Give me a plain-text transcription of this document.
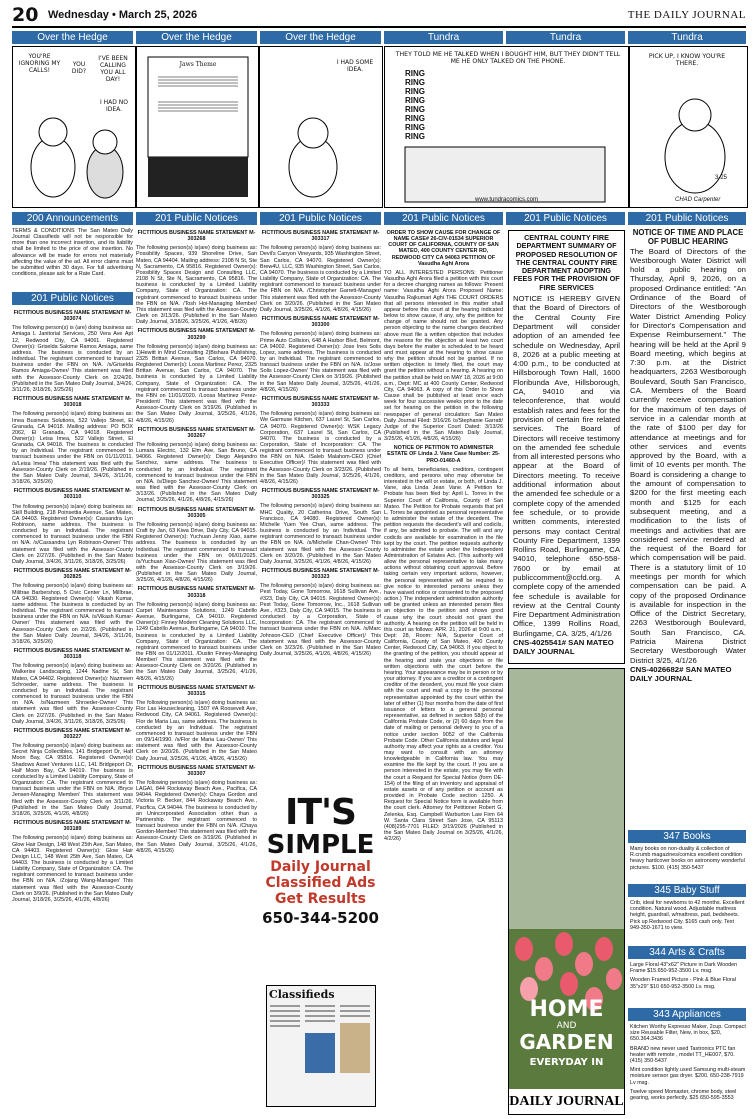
20 Wednesday • March 25, 2026	THE DAILY JOURNAL
Over the Hedge	Over the Hedge	Over the Hedge	Tundra	Tundra	Tundra
YOU'RE IGNORING MY CALLS!
YOU DID?
I'VE BEEN CALLING YOU ALL DAY!
I HAD NO IDEA.
Jaws Theme	I HAD SOME IDEA.
THEY TOLD ME HE TALKED WHEN I BOUGHT HIM, BUT THEY DIDN'T TELL ME HE ONLY TALKED ON THE PHONE.
RING
RING
RING
RING
RING
RING
RING
RING
PICK UP, I KNOW YOU'RE THERE.
www.tundracomics.com
3-25
CHAD Carpenter
200 Announcements	201 Public Notices	201 Public Notices	201 Public Notices	201 Public Notices	201 Public Notices
TERMS & CONDITIONS The San Mateo Daily Journal Classifieds will not be responsible for more than one incorrect insertion, and its liability shall be limited to the price of one insertion. No allowance will be made for errors not materially affecting the value of the ad. All error claims must be submitted within 30 days. For full advertising conditions, please ask for a Rate Card.
201 Public Notices

FICTITIOUS BUSINESS NAME STATEMENT M-303074

The following person(s) is (are) doing business as: Amiaga L Janitorial Services, 250 Vera Ave Apt 12, Redwood City, CA 94061. Registered Owner(s): Griselda Salome Ramos Amiaga, same address. The business is conducted by an Individual. The registrant commenced to transact business under the FBN on N/A. /s/Griselda Ramos Amiaga-Owner/ This statement was filed with the Assessor-County Clerk on 2/24/26. (Published in the San Mateo Daily Journal, 3/4/26, 3/11/26, 3/18/26, 3/25/26)

FICTITIOUS BUSINESS NAME STATEMENT M-303018

The following person(s) is(are) doing business as: Imea Business Solutions, 522 Vallejo Street, El Granada, CA 94018. Mailing address: PO BOX 2062, El Granada, CA 94018. Registered Owner(s): Leisa Imea, 522 Vallejo Street, El Granada, CA 94018. The business is conducted by an Individual. The registrant commenced to transact business under the FBN on 01/11/2011. /s/Leisa Imea/ This statement was filed with the Assessor-County Clerk on 2/19/26. (Published in the San Mateo Daily Journal, 3/4/26, 3/11/26, 3/18/26, 3/25/26)

FICTITIOUS BUSINESS NAME STATEMENT M-303110

The following person(s) is(are) doing business as: Skill Building, 218 Poinsettia Avenue, San Mateo, CA 94403. Registered Owner(s): Cassandra Lyn Robinson, same address. The business is conducted by an Individual. The registrant commenced to transact business under the FBN on N/A. /s/Cassandra Lyn Robinson-Owner/ This statement was filed with the Assessor-County Clerk on 2/27/26. (Published in the San Mateo Daily Journal, 3/4/26, 3/11/26, 3/18/26, 3/25/26)

FICTITIOUS BUSINESS NAME STATEMENT M-302825

The following person(s) is(are) doing business as: Militrae Barbershop, 5 Civic Center Ln, Millbrae, CA 94030. Registered Owner(s): Vikash Kumar, same address. The business is conducted by an Individual. The registrant commenced to transact business under the FBN on N/A. /s/Vikash Kumar-Owner/ This statement was filed with the Assessor-County Clerk on 2/2/26. (Published in the San Mateo Daily Journal, 3/4/26, 3/11/26, 3/18/26, 3/25/26)

FICTITIOUS BUSINESS NAME STATEMENT M-303118

The following person(s) is(are) doing business as: Walkerise Landscaping, 1244 Nadine St, San Mateo, CA 94402. Registered Owner(s): Nazmeen Schroeder, same address. The business is conducted by an Individual. The registrant commenced to transact business under the FBN on N/A. /s/Nazmeen Shroeder-Owner/ This statement was filed with the Assessor-County Clerk on 2/27/26. (Published in the San Mateo Daily Journal, 3/4/26, 3/11/26, 3/18/26, 3/25/26)

FICTITIOUS BUSINESS NAME STATEMENT M-303227

The following person(s) is(are) doing business as: Secret Ninja Collectibles, 141 Bridgeport Dr, Half Moon Bay, CA 95816. Registered Owner(s): Shadows Asset Ventures LLC, 141 Bridgeport Dr, Half Moon Bay, CA 94019. The business is conducted by a Limited Liability Company, State of Organization: CA. The registrant commenced to transact business under the FBN on N/A. /Bryce Jensen-Managing Member/ This statement was filed with the Assessor-County Clerk on 3/11/26. (Published in the San Mateo Daily Journal, 3/18/26, 3/25/26, 4/1/26, 4/8/26)

FICTITIOUS BUSINESS NAME STATEMENT M-303189

The following person(s) is(are) doing business as: Glow Hair Design, 148 West 25th Ave, San Mateo, CA 94403. Registered Owner(s): Glow Hair Design LLC, 148 West 25th Ave, San Mateo, CA 94403. The business is conducted by a Limited Liability Company, State of Organization: CA. The registrant commenced to transact business under the FBN on N/A. /Zojang Wang-Manager/ This statement was filed with the Assessor-County Clerk on 3/9/26. (Published in the San Mateo Daily Journal, 3/18/26, 3/25/26, 4/1/26, 4/8/26)

FICTITIOUS BUSINESS NAME STATEMENT M-303268

The following person(s) is(are) doing business as: Possibility Spaces, 939 Shoreline Drive, San Mateo, CA 94404. Mailing address: 2108 N St, Ste N, Sacramento, CA 95816. Registered Owner(s): Possibility Spaces Design and Consulting LLC, 2108 N St, Ste N, Sacramento, CA 95816. The business is conducted by a Limited Liability Company, State of Organization: CA. The registrant commenced to transact business under the FBN on N/A. /Tosh Hoi-Managing Member/ This statement was filed with the Assessor-County Clerk on 3/13/26. (Published in the San Mateo Daily Journal, 3/18/26, 3/25/26, 4/1/26, 4/8/26)

FICTITIOUS BUSINESS NAME STATEMENT M-303299

The following person(s) is(are) doing business as: 1)Hewitt in Mind Consulting 2)Bishara Publishing, 2325 Brittan Avenue, San Carlos, CA 94070. Registered Owner(s): Loosa Martinez Perez, 2325 Brittan Avenue, San Carlos, CA 94070. The business is conducted by a Limited Liability Company, State of Organization: CA. The registrant commenced to transact business under the FBN on 11/01/2020. /Loosa Martinez Perez-President/ This statement was filed with the Assessor-County Clerk on 3/19/26. (Published in the San Mateo Daily Journal, 3/25/26, 4/1/26, 4/8/26, 4/15/26)

FICTITIOUS BUSINESS NAME STATEMENT M-303267

The following person(s) is(are) doing business as: Lumara Electric, 132 Elm Ave, San Bruno, CA 94066. Registered Owner(s): Diego Alejandro Sanchez, same address. The business is conducted by an Individual. The registrant commenced to transact business under the FBN on N/A. /s/Diego Sanchez-Owner/ This statement was filed with the Assessor-County Clerk on 3/13/26. (Published in the San Mateo Daily Journal, 3/25/26, 4/1/26, 4/8/26, 4/15/26)

FICTITIOUS BUSINESS NAME STATEMENT M-303305

The following person(s) is(are) doing business as: Craft by Jan, 63 Kiwa Drive, Daly City, CA 94015. Registered Owner(s): Yuchuan Jenny Xiao, same address. The business is conducted by an Individual. The registrant commenced to transact business under the FBN on 06/01/2025. /s/Yuchuan Xiao-Owner/ This statement was filed with the Assessor-County Clerk on 3/19/26. (Published in the San Mateo Daily Journal, 3/25/26, 4/1/26, 4/8/26, 4/15/26)

FICTITIOUS BUSINESS NAME STATEMENT M-303318

The following person(s) is(are) doing business as: Carpet Maintenance Solutions, 1249 Cabrillo Avenue, Burlingame, CA 94010. Registered Owner(s): Finney Modern Cleaning Solutions LLC, 1249 Cabrillo Avenue, Burlingame, CA 94010. The business is conducted by a Limited Liability Company, State of Organization: CA. The registrant commenced to transact business under the FBN on 01/12/2011. /Dustin Finney-Managing Member/ This statement was filed with the Assessor-County Clerk on 3/20/26. (Published in the San Mateo Daily Journal, 3/25/26, 4/1/26, 4/8/26, 4/15/26)

FICTITIOUS BUSINESS NAME STATEMENT M-303315

The following person(s) is(are) doing business as: Flor Las Housecleaning, 1507 #A Roosevelt Ave, Redwood City, CA 94061. Registered Owner(s): Flor de Maria Lau, same address. The business is conducted by an Individual. The registrant commenced to transact business under the FBN on 09/14/1990. /s/Flor de Maria Lau-Owner/ This statement was filed with the Assessor-County Clerk on 3/20/26. (Published in the San Mateo Daily Journal, 3/25/26, 4/1/26, 4/8/26, 4/15/26)

FICTITIOUS BUSINESS NAME STATEMENT M-303307

The following person(s) is(are) doing business as: LAGAI, 844 Rockaway Beach Ave., Pacifica, CA 94044. Registered Owner(s): Chaya Gordon and Victoria P. Becker, 844 Rockaway Beach Ave., Pacifica, CA 94044. The business is conducted by an Unincorporated Association other than a Partnership. The registrant commenced to transact business under the FBN on N/A. /Chaya Gordon-Member/ This statement was filed with the Assessor-County Clerk on 3/19/26. (Published in the San Mateo Daily Journal, 3/25/26, 4/1/26, 4/8/26, 4/15/26)

FICTITIOUS BUSINESS NAME STATEMENT M-303317

The following person(s) is(are) doing business as: Devil's Canyon Vineyards, 935 Washington Street, San Carlos, CA 94070. Registered Owner(s): Brew4U, LLC, 935 Washington Street, San Carlos, CA 94070. The business is conducted by a Limited Liability Company, State of Organization: CA. The registrant commenced to transact business under the FBN on N/A. /Christopher Garrett-Manager/ This statement was filed with the Assessor-County Clerk on 3/20/26. (Published in the San Mateo Daily Journal, 3/25/26, 4/1/26, 4/8/26, 4/15/26)

FICTITIOUS BUSINESS NAME STATEMENT M-303300

The following person(s) is(are) doing business as: Prime Auto Collision, 648 A Harbor Blvd, Belmont, CA 94002. Registered Owner(s): Jose Ines Solis Lopez, same address. The business is conducted by an Individual. The registrant commenced to transact business under the FBN on N/A. /s/Jose Solis Lopez-Owner/ This statement was filed with the Assessor-County Clerk on 3/19/26. (Published in the San Mateo Daily Journal, 3/25/26, 4/1/26, 4/8/26, 4/15/26)

FICTITIOUS BUSINESS NAME STATEMENT M-303333

The following person(s) is(are) doing business as: We Garmuse Kitchen, 637 Laurel St, San Carlos, CA 94070. Registered Owner(s): WSK Legacy Corporation, 637 Laurel St, San Carlos, CA 94070. The business is conducted by a Corporation, State of Incorporation: CA. The registrant commenced to transact business under the FBN on N/A. /Saleb Malahom-CEO (Chief Executive Officer)/ This statement was filed with the Assessor-County Clerk on 3/23/26. (Published in the San Mateo Daily Journal, 3/25/26, 4/1/26, 4/8/26, 4/15/26)

FICTITIOUS BUSINESS NAME STATEMENT M-303325

The following person(s) is(are) doing business as: MHC Quality, 20 Catherina Drive, South San Francisco, CA 94080. Registered Owner(s): Michelle Yuen Yee Chan, same address. The business is conducted by an Individual. The registrant commenced to transact business under the FBN on N/A. /s/Michelle Chan-Owner/ This statement was filed with the Assessor-County Clerk on 3/20/26. (Published in the San Mateo Daily Journal, 3/25/26, 4/1/26, 4/8/26, 4/15/26)

FICTITIOUS BUSINESS NAME STATEMENT M-303323

The following person(s) is(are) doing business as: Pest Today, Gone Tomorrow, 1618 Sullivan Ave., #323, Daly City, CA 94015. Registered Owner(s): Pest Today, Gone Tomorrow, Inc., 1618 Sullivan Ave., #323, Daly City, CA 94015. The business is conducted by a Corporation, State of Incorporation: CA. The registrant commenced to transact business under the FBN on N/A. /s/Marc Johnson-CEO (Chief Executive Officer)/ This statement was filed with the Assessor-County Clerk on 3/23/26. (Published in the San Mateo Daily Journal, 3/25/26, 4/1/26, 4/8/26, 4/15/26)

IT'S
SIMPLE
Daily Journal
Classified Ads
Get Results
650-344-5200
Classifieds

ORDER TO SHOW CAUSE FOR CHANGE OF NAME CASE# 26-CIV-01534 SUPERIOR COURT OF CALIFORNIA, COUNTY OF SAN MATEO, 400 COUNTY CENTER RD, REDWOOD CITY CA 94063 PETITION OF Vasudha Aghi Arora

TO ALL INTERESTED PERSONS: Petitioner Vasudha Aghi Arora filed a petition with this court for a decree changing names as follows: Present name: Vasudha Aghi Arora Proposed Name: Vasudha Rajkumari Aghi THE COURT ORDERS that all persons interested in this matter shall appear before this court at the hearing indicated below to show cause, if any, why the petition for change of name should not be granted. Any person objecting to the name changes described above must file a written objection that includes the reasons for the objection at least two court days before the matter is scheduled to be heard and must appear at the hearing to show cause why the petition should not be granted. If no written objection is timely filed, the court may grant the petition without a hearing. A hearing on the petition shall be held on MAY 18, 2026 at 9:00 a.m., Dept: MC at 400 County Center, Redwood City, CA 94063. A copy of this Order to Show Cause shall be published at least once each week for four successive weeks prior to the date set for hearing on the petition in the following newspaper of general circulation: San Mateo Daily Journal Filed: 3/16/26 /s/Stephanie Garratt/ Judge of the Superior Court Dated: 3/13/26 (Published in the San Mateo Daily Journal, 3/25/26, 4/1/26, 4/8/26, 4/15/26)

NOTICE OF PETITION TO ADMINISTER ESTATE OF Linda J. Vane Case Number: 25-PRO-01460-A

To all heirs, beneficiaries, creditors, contingent creditors, and persons who may otherwise be interested in the will or estate, or both, of Linda J. Vane, aka Linda Jean Vane. A Petition for Probate has been filed by: April L. Torres in the Superior Court of California, County of San Mateo. The Petition for Probate requests that pril L. Torres be appointed as personal representative to administer the estate of the decedent. The petition requests the decedent's will and codicils, if any, be admitted to probate. The will and any codicils are available for examination in the file kept by the court. The petition requests authority to administer the estate under the Independent Administration of Estates Act. (This authority will allow the personal representative to take many actions without obtaining court approval. Before taking certain very important actions, however, the personal representative will be required to give notice to interested persons unless they have waived notice or consented to the proposed action.) The independent administration authority will be granted unless an interested person files an objection to the petition and shows good cause why the court should not grant the authority. A hearing on the petition will be held in this court as follows: APR. 21, 2026 at 9:00 a.m., Dept: 28, Room: N/A, Superior Court of California, County of San Mateo, 400 County Center, Redwood City, CA 94063. If you object to the granting of the petition, you should appear at the hearing and state your objections or file written objections with the court before the hearing. Your appearance may be in person or by your attorney. If you are a creditor or a contingent creditor of the decedent, you must file your claim with the court and mail a copy to the personal representative appointed by the court within the later of either (1) four months from the date of first issuance of letters to a general personal representative, as defined in section 58(b) of the California Probate Code, or (2) 60 days from the date of mailing or personal delivery to you of a notice under section 9052 of the California Probate Code. Other California statutes and legal authority may affect your rights as a creditor. You may want to consult with an attorney knowledgeable in California law. You may examine the file kept by the court. If you are a person interested in the estate, you may file with the court a Request for Special Notice (form DE-154) of the filing of an inventory and appraisal of estate assets or of any petition or account as provided in Probate Code section 1250. A Request for Special Notice form is available from the court clerk. Attorney for Petitioner Robert G. Zelenka, Esq. Campbell Warburton Law Firm 64 W. Santa Clara Street San Jose, CA 95113 (408)295-7701 FILED: 3/19/2026 (Published in the San Mateo Daily Journal on 3/25/26, 4/1/26, 4/2/26)

CENTRAL COUNTY FIRE DEPARTMENT SUMMARY OF PROPOSED RESOLUTION OF THE CENTRAL COUNTY FIRE DEPARTMENT ADOPTING FEES FOR THE PROVISION OF FIRE SERVICES
NOTICE IS HEREBY GIVEN that the Board of Directors of the Central County Fire Department will consider adoption of an amended fee schedule on Wednesday, April 8, 2026 at a public meeting at 4:00 p.m., to be conducted at Hillsborough Town Hall, 1600 Floribunda Ave, Hillsborough, CA, 94010 and via teleconference, that would establish rates and fees for the provision of certain fire related services. The Board of Directors will receive testimony on the amended fee schedule from all interested persons who appear at the Board of Directors meeting. To receive additional information about the amended fee schedule or a complete copy of the amended fee schedule, or to provide written comments, interested persons may contact Central County Fire Department, 1399 Rollins Road, Burlingame, CA 94010, telephone 650-558-7600 or by email at publiccomment@ccfd.org. A complete copy of the amended fee schedule is available for review at the Central County Fire Department Administration Office, 1399 Rollins Road, Burlingame, CA. 3/25, 4/1/26
CNS-4025541# SAN MATEO DAILY JOURNAL
HOME
AND
GARDEN
EVERYDAY IN
DAILY JOURNAL
NOTICE OF TIME AND PLACE OF PUBLIC HEARING
The Board of Directors of the Westborough Water District will hold a public hearing on Thursday, April 9, 2026, on a proposed Ordinance entitled: "An Ordinance of the Board of Directors of the Westborough Water District Amending Policy for Director's Compensation and Expense Reimbursement." The hearing will be held at the April 9 Board meeting, which begins at 7:30 p.m. at the District headquarters, 2263 Westborough Boulevard, South San Francisco, CA. Members of the Board currently receive compensation for the maximum of ten days of service in a calendar month at the rate of $100 per day for attendance at meetings and for other services and events approved by the Board, with a limit of 10 events per month. The Board is considering a change to the amount of compensation to $200 for the first meeting each month and $125 for each subsequent meeting, and a modification to the lists of meetings and activities that are considered service rendered at the request of the Board for which compensation will be paid. There is a statutory limit of 10 meetings per month for which compensation can be paid. A copy of the proposed Ordinance is available for inspection in the Office of the District Secretary, 2263 Westborough Boulevard, South San Francisco, CA. Patricia Mairena District Secretary Westborough Water District 3/25, 4/1/26
CNS-4026682# SAN MATEO DAILY JOURNAL
347 Books
Many books on non-duality & collection of R.crumb magazines/comics excellent condition heavy hardcover books on astronomy wonderful pictures. $100. (415) 350-5437
345 Baby Stuff
Crib, ideal for newborns to 42 months. Excellent condition. Natural wood. Adjustable mattress height, guardrail, w/mattress, pad, bedsheets. Pick up Redwood City. $165 cash only. Text 949-350-1671 to view.
344 Arts & Crafts

Large Floral 43"x62" Picture in Dark Wooden Frame $15.650-952-3500 Lv. msg.

Wooden Framed Picture - Pink & Blue Floral 35"x29" $10 650-952-3500 Lv. msg.

343 Appliances

Kitchen Worthy Expresso Maker, 2cup. Compact size Reusable Filter, New, in box, $20, 650.364.3436

BRAND new never used Tastronics PTC fan heater with remote , model TT_HE007, $70. (415) 350-5437

Mint condition lightly used Samsung multi-steam moisture sensor gas dryer. $200. 650-238-7919 Lv msg.

Twelve speed Momaster, chrome body, steel gearing, works perfectly. $25 650-595-3553
